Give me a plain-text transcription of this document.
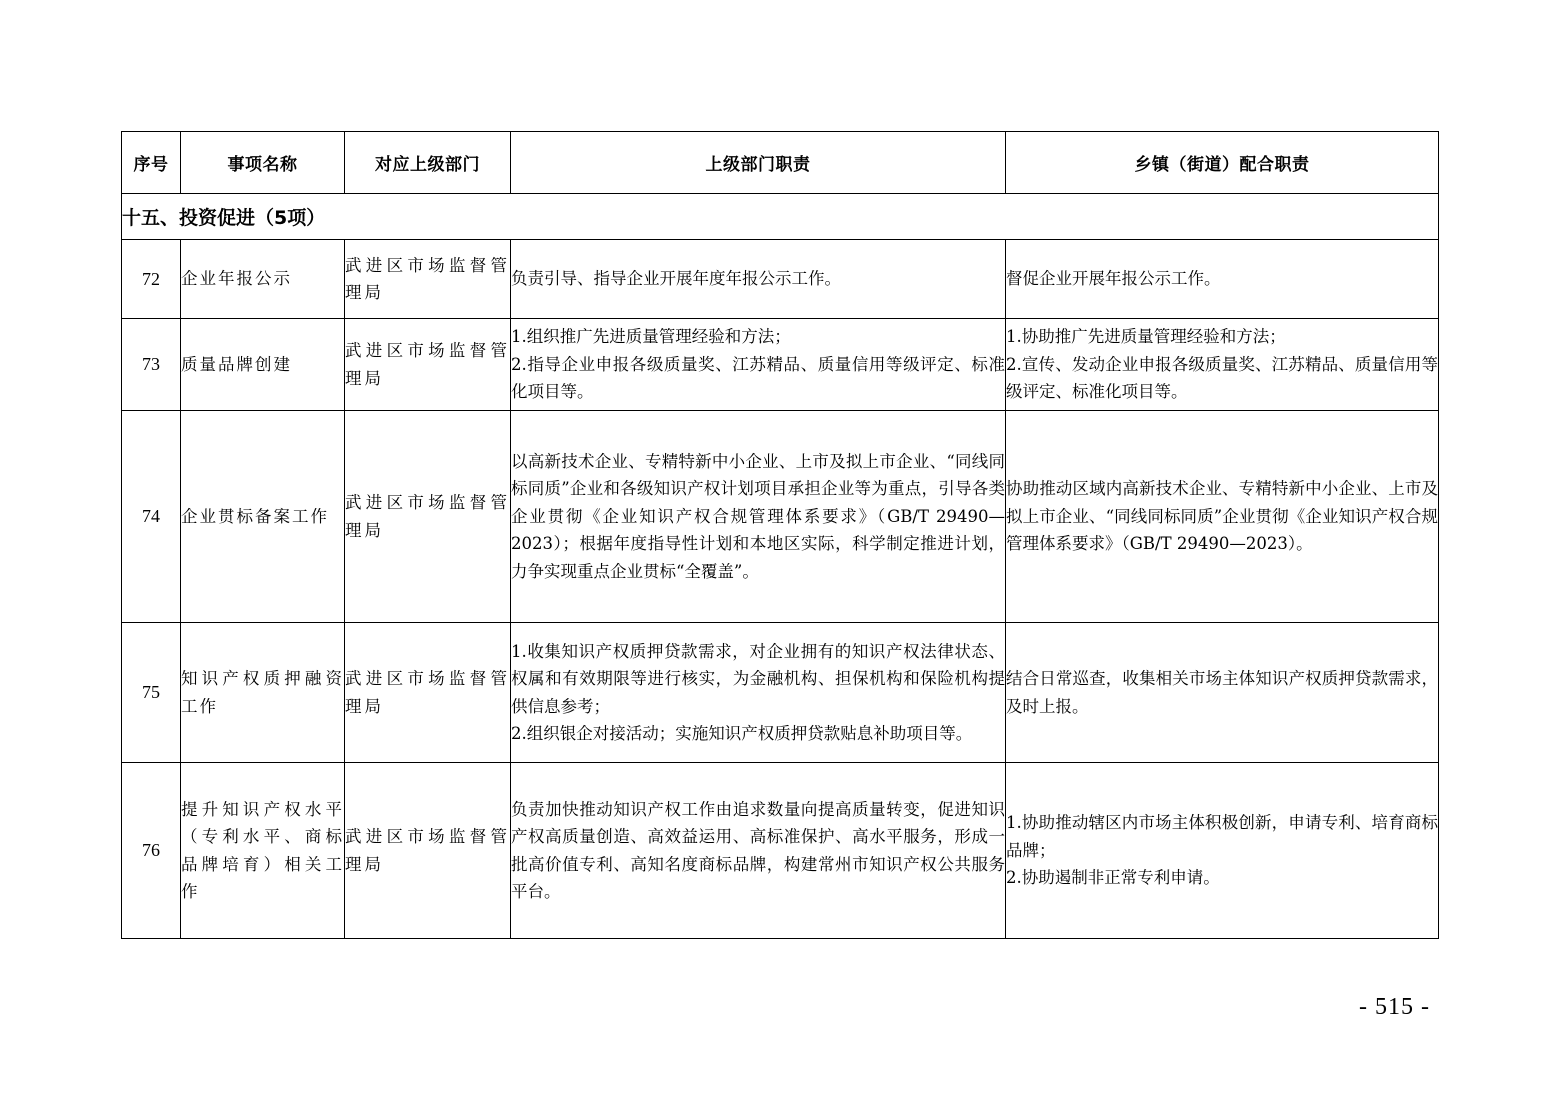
序号	事项名称	对应上级部门	上级部门职责	乡镇（街道）配合职责
十五、投资促进（5项）				
72	企业年报公示	武进区市场监督管理局	负责引导、指导企业开展年度年报公示工作。	督促企业开展年报公示工作。
73	质量品牌创建	武进区市场监督管理局	1.组织推广先进质量管理经验和方法；
2.指导企业申报各级质量奖、江苏精品、质量信用等级评定、标准化项目等。	1.协助推广先进质量管理经验和方法；
2.宣传、发动企业申报各级质量奖、江苏精品、质量信用等级评定、标准化项目等。
74	企业贯标备案工作	武进区市场监督管理局	以高新技术企业、专精特新中小企业、上市及拟上市企业、“同线同标同质”企业和各级知识产权计划项目承担企业等为重点，引导各类企业贯彻《企业知识产权合规管理体系要求》（GB/T 29490—2023）；根据年度指导性计划和本地区实际，科学制定推进计划，力争实现重点企业贯标“全覆盖”。	协助推动区域内高新技术企业、专精特新中小企业、上市及拟上市企业、“同线同标同质”企业贯彻《企业知识产权合规管理体系要求》（GB/T 29490—2023）。
75	知识产权质押融资工作	武进区市场监督管理局	1.收集知识产权质押贷款需求，对企业拥有的知识产权法律状态、权属和有效期限等进行核实，为金融机构、担保机构和保险机构提供信息参考；
2.组织银企对接活动；实施知识产权质押贷款贴息补助项目等。	结合日常巡查，收集相关市场主体知识产权质押贷款需求，及时上报。
76	提升知识产权水平（专利水平、商标品牌培育）相关工作	武进区市场监督管理局	负责加快推动知识产权工作由追求数量向提高质量转变，促进知识产权高质量创造、高效益运用、高标准保护、高水平服务，形成一批高价值专利、高知名度商标品牌，构建常州市知识产权公共服务平台。	1.协助推动辖区内市场主体积极创新，申请专利、培育商标品牌；
2.协助遏制非正常专利申请。
- 515 -
